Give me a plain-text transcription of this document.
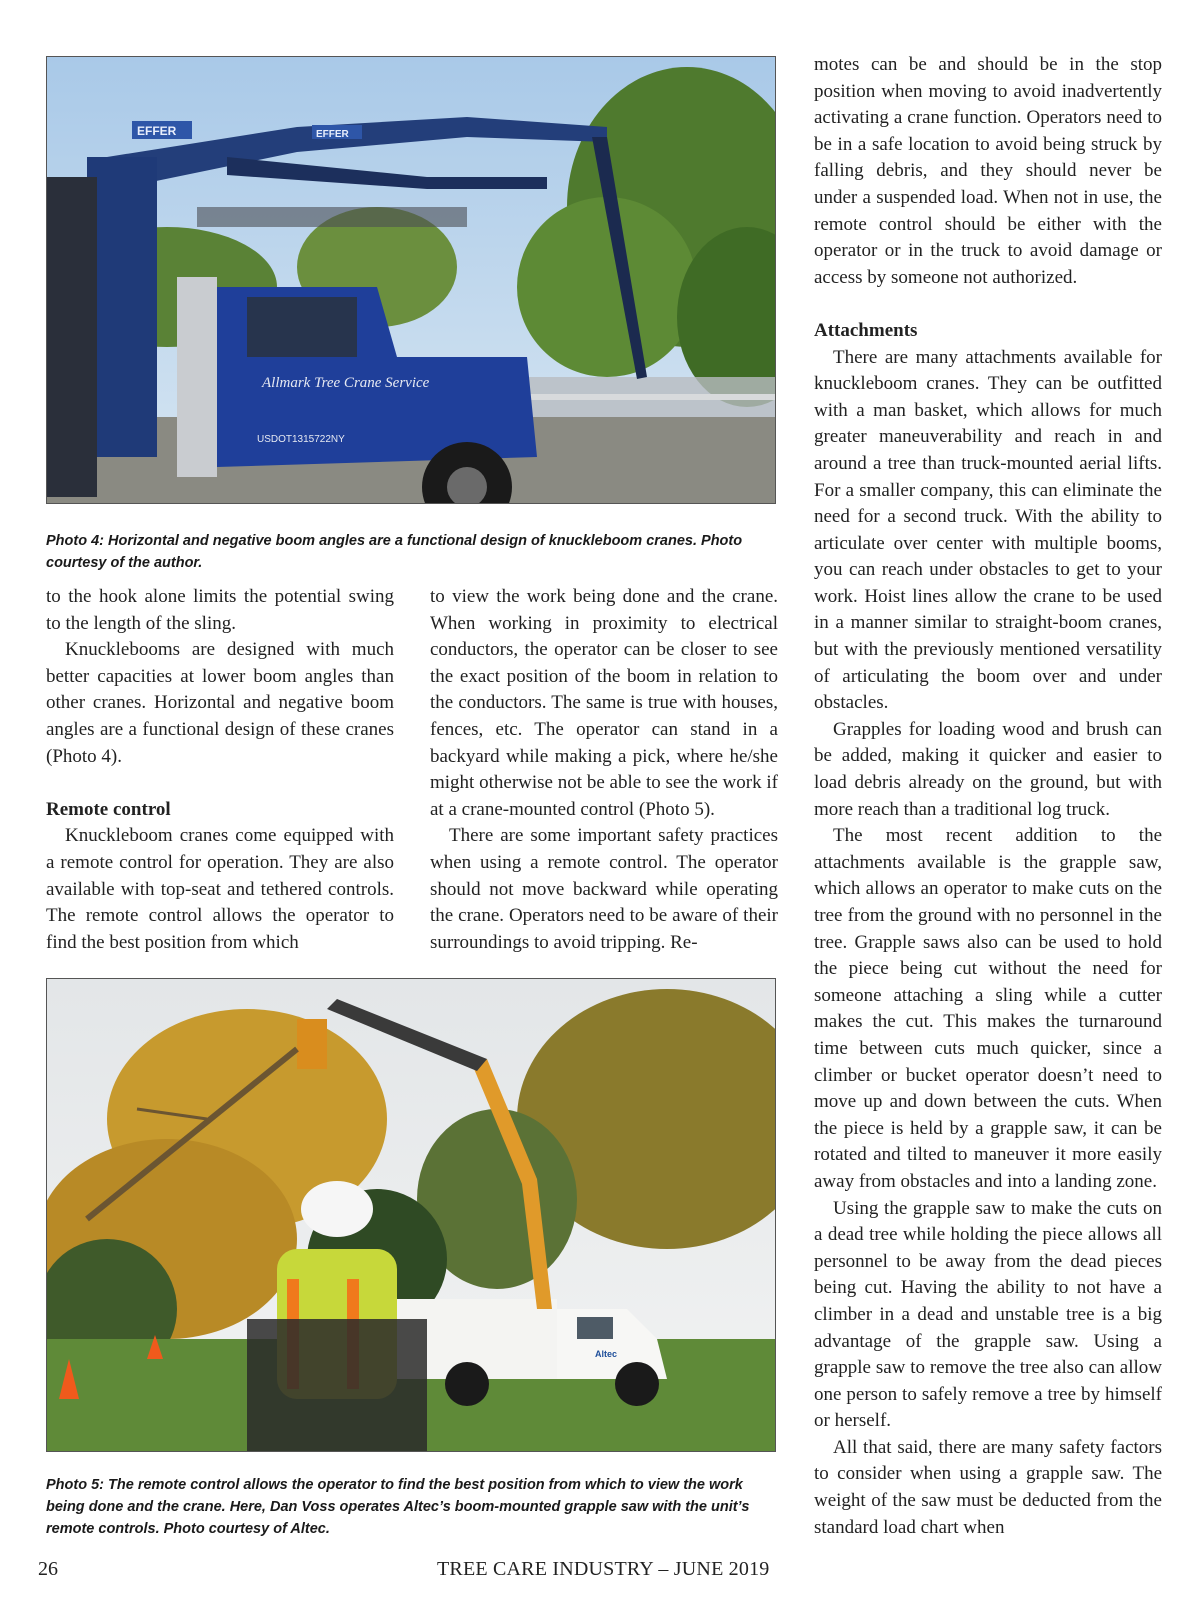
EFFER	EFFER
Allmark Tree Crane Service
USDOT1315722NY
Photo 4: Horizontal and negative boom angles are a functional design of knuckleboom cranes. Photo courtesy of the author.
Altec
Photo 5: The remote control allows the operator to find the best position from which to view the work being done and the crane. Here, Dan Voss operates Altec’s boom-mounted grapple saw with the unit’s remote controls. Photo courtesy of Altec.

to the hook alone limits the potential swing to the length of the sling.

Knucklebooms are designed with much better capacities at lower boom angles than other cranes. Horizontal and negative boom angles are a functional design of these cranes (Photo 4).

Remote control

Knuckleboom cranes come equipped with a remote control for operation. They are also available with top-seat and tethered controls. The remote control allows the operator to find the best position from which

to view the work being done and the crane. When working in proximity to electrical conductors, the operator can be closer to see the exact position of the boom in relation to the conductors. The same is true with houses, fences, etc. The operator can stand in a backyard while making a pick, where he/she might otherwise not be able to see the work if at a crane-mounted control (Photo 5).

There are some important safety practices when using a remote control. The operator should not move backward while operating the crane. Operators need to be aware of their surroundings to avoid tripping. Re-

motes can be and should be in the stop position when moving to avoid inadvertently activating a crane function. Operators need to be in a safe location to avoid being struck by falling debris, and they should never be under a suspended load. When not in use, the remote control should be either with the operator or in the truck to avoid damage or access by someone not authorized.

Attachments

There are many attachments available for knuckleboom cranes. They can be outfitted with a man basket, which allows for much greater maneuverability and reach in and around a tree than truck-mounted aerial lifts. For a smaller company, this can eliminate the need for a second truck. With the ability to articulate over center with multiple booms, you can reach under obstacles to get to your work. Hoist lines allow the crane to be used in a manner similar to straight-boom cranes, but with the previously mentioned versatility of articulating the boom over and under obstacles.

Grapples for loading wood and brush can be added, making it quicker and easier to load debris already on the ground, but with more reach than a traditional log truck.

The most recent addition to the attachments available is the grapple saw, which allows an operator to make cuts on the tree from the ground with no personnel in the tree. Grapple saws also can be used to hold the piece being cut without the need for someone attaching a sling while a cutter makes the cut. This makes the turnaround time between cuts much quicker, since a climber or bucket operator doesn’t need to move up and down between the cuts. When the piece is held by a grapple saw, it can be rotated and tilted to maneuver it more easily away from obstacles and into a landing zone.

Using the grapple saw to make the cuts on a dead tree while holding the piece allows all personnel to be away from the dead pieces being cut. Having the ability to not have a climber in a dead and unstable tree is a big advantage of the grapple saw. Using a grapple saw to remove the tree also can allow one person to safely remove a tree by himself or herself.

All that said, there are many safety factors to consider when using a grapple saw. The weight of the saw must be deducted from the standard load chart when

26	TREE CARE INDUSTRY – JUNE 2019
